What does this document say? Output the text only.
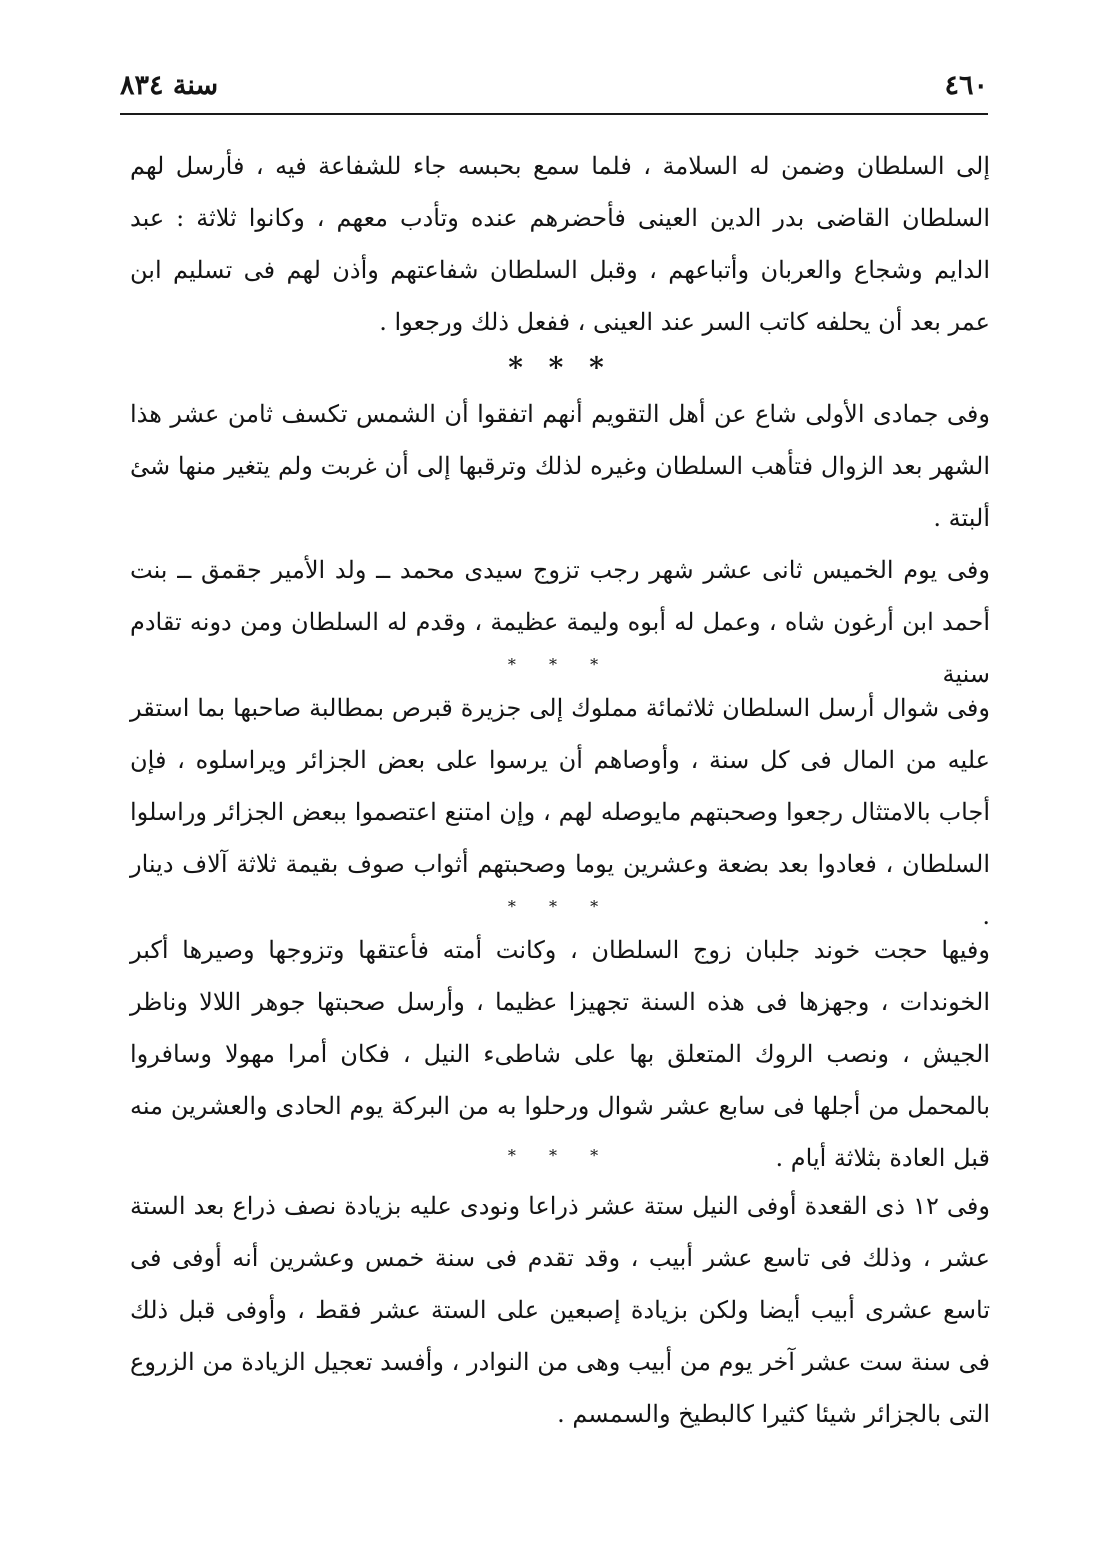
٤٦٠
سنة ٨٣٤

إلى السلطان وضمن له السلامة ، فلما سمع بحبسه جاء للشفاعة فيه ، فأرسل لهم السلطان القاضى بدر الدين العينى فأحضرهم عنده وتأدب معهم ، وكانوا ثلاثة : عبد الدايم وشجاع والعربان وأتباعهم ، وقبل السلطان شفاعتهم وأذن لهم فى تسليم ابن عمر بعد أن يحلفه كاتب السر عند العينى ، ففعل ذلك ورجعوا .

* * *

وفى جمادى الأولى شاع عن أهل التقويم أنهم اتفقوا أن الشمس تكسف ثامن عشر هذا الشهر بعد الزوال فتأهب السلطان وغيره لذلك وترقبها إلى أن غربت ولم يتغير منها شئ ألبتة .

وفى يوم الخميس ثانى عشر شهر رجب تزوج سيدى محمد ــ ولد الأمير جقمق ــ بنت أحمد ابن أرغون شاه ، وعمل له أبوه وليمة عظيمة ، وقدم له السلطان ومن دونه تقادم سنية

* * *

وفى شوال أرسل السلطان ثلاثمائة مملوك إلى جزيرة قبرص بمطالبة صاحبها بما استقر عليه من المال فى كل سنة ، وأوصاهم أن يرسوا على بعض الجزائر ويراسلوه ، فإن أجاب بالامتثال رجعوا وصحبتهم مايوصله لهم ، وإن امتنع اعتصموا ببعض الجزائر وراسلوا السلطان ، فعادوا بعد بضعة وعشرين يوما وصحبتهم أثواب صوف بقيمة ثلاثة آلاف دينار .

* * *

وفيها حجت خوند جلبان زوج السلطان ، وكانت أمته فأعتقها وتزوجها وصيرها أكبر الخوندات ، وجهزها فى هذه السنة تجهيزا عظيما ، وأرسل صحبتها جوهر اللالا وناظر الجيش ، ونصب الروك المتعلق بها على شاطىء النيل ، فكان أمرا مهولا وسافروا بالمحمل من أجلها فى سابع عشر شوال ورحلوا به من البركة يوم الحادى والعشرين منه قبل العادة بثلاثة أيام .

* * *

وفى ١٢ ذى القعدة أوفى النيل ستة عشر ذراعا ونودى عليه بزيادة نصف ذراع بعد الستة عشر ، وذلك فى تاسع عشر أبيب ، وقد تقدم فى سنة خمس وعشرين أنه أوفى فى تاسع عشرى أبيب أيضا ولكن بزيادة إصبعين على الستة عشر فقط ، وأوفى قبل ذلك فى سنة ست عشر آخر يوم من أبيب وهى من النوادر ، وأفسد تعجيل الزيادة من الزروع التى بالجزائر شيئا كثيرا كالبطيخ والسمسم .
